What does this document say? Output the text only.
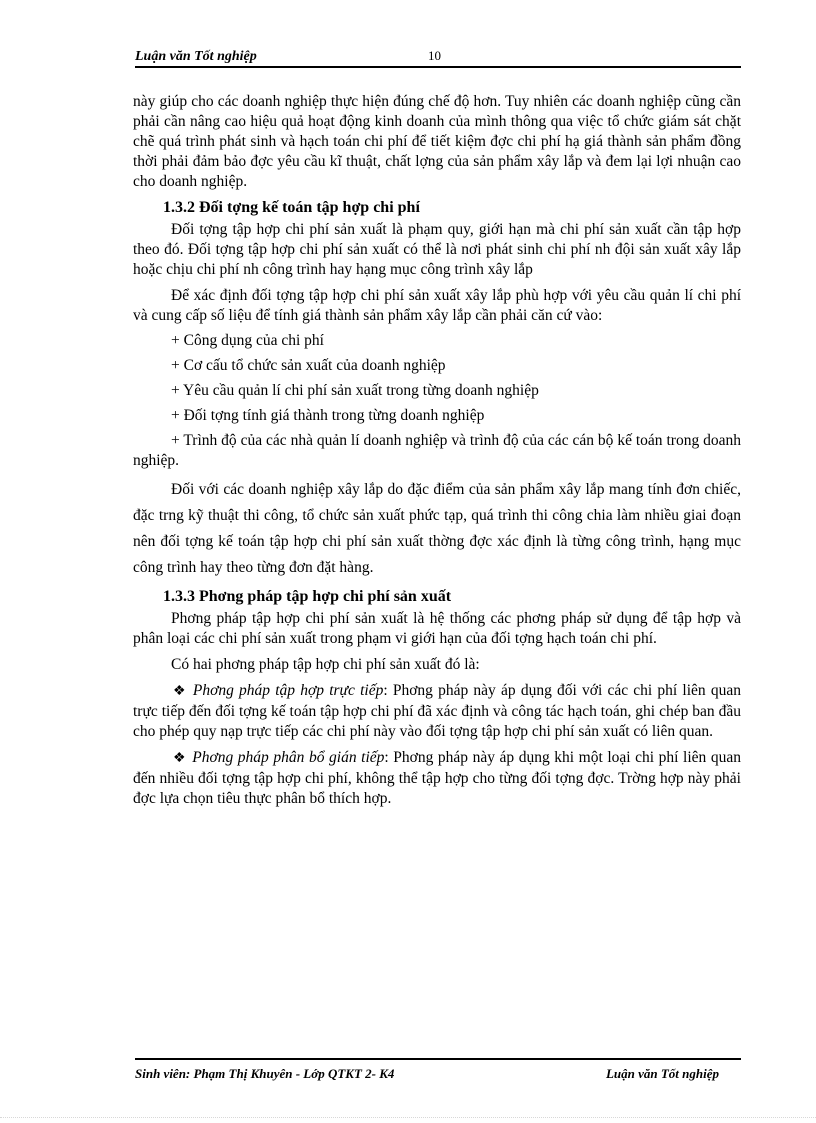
Luận văn Tốt nghiệp	10

này giúp cho các doanh nghiệp thực hiện đúng chế độ hơn. Tuy nhiên các doanh nghiệp cũng cần phải cần nâng cao hiệu quả hoạt động kinh doanh của mình thông qua việc tổ chức giám sát chặt chẽ quá trình phát sinh và hạch toán chi phí để tiết kiệm đợc chi phí hạ giá thành sản phẩm đồng thời phải đảm bảo đợc yêu cầu kĩ thuật, chất lợng của sản phẩm xây lắp và đem lại lợi nhuận cao cho doanh nghiệp.

1.3.2 Đối tợng kế toán tập hợp chi phí

Đối tợng tập hợp chi phí sản xuất là phạm quy, giới hạn mà chi phí sản xuất cần tập hợp theo đó. Đối tợng tập hợp chi phí sản xuất có thể là nơi phát sinh chi phí nh đội sản xuất xây lắp hoặc chịu chi phí nh công trình hay hạng mục công trình xây lắp

Để xác định đối tợng tập hợp chi phí sản xuất xây lắp phù hợp với yêu cầu quản lí chi phí và cung cấp số liệu để tính giá thành sản phẩm xây lắp cần phải căn cứ vào:

+ Công dụng của chi phí

+ Cơ cấu tổ chức sản xuất của doanh nghiệp

+ Yêu cầu quản lí chi phí sản xuất trong từng doanh nghiệp

+ Đối tợng tính giá thành trong từng doanh nghiệp

+ Trình độ của các nhà quản lí doanh nghiệp và trình độ của các cán bộ kế toán trong doanh nghiệp.

Đối với các doanh nghiệp xây lắp do đặc điểm của sản phẩm xây lắp mang tính đơn chiếc, đặc trng kỹ thuật thi công, tổ chức sản xuất phức tạp, quá trình thi công chia làm nhiều giai đoạn nên đối tợng kế toán tập hợp chi phí sản xuất thờng đợc xác định là từng công trình, hạng mục công trình hay theo từng đơn đặt hàng.

1.3.3 Phơng pháp tập hợp chi phí sản xuất

Phơng pháp tập hợp chi phí sản xuất là hệ thống các phơng pháp sử dụng để tập hợp và phân loại các chi phí sản xuất trong phạm vi giới hạn của đối tợng hạch toán chi phí.

Có hai phơng pháp tập hợp chi phí sản xuất đó là:

❖ Phơng pháp tập hợp trực tiếp: Phơng pháp này áp dụng đối với các chi phí liên quan trực tiếp đến đối tợng kế toán tập hợp chi phí đã xác định và công tác hạch toán, ghi chép ban đầu cho phép quy nạp trực tiếp các chi phí này vào đối tợng tập hợp chi phí sản xuất có liên quan.

❖ Phơng pháp phân bổ gián tiếp: Phơng pháp này áp dụng khi một loại chi phí liên quan đến nhiều đối tợng tập hợp chi phí, không thể tập hợp cho từng đối tợng đợc. Trờng hợp này phải đợc lựa chọn tiêu thực phân bổ thích hợp.

Sinh viên: Phạm Thị Khuyên - Lớp QTKT 2- K4	Luận văn Tốt nghiệp
